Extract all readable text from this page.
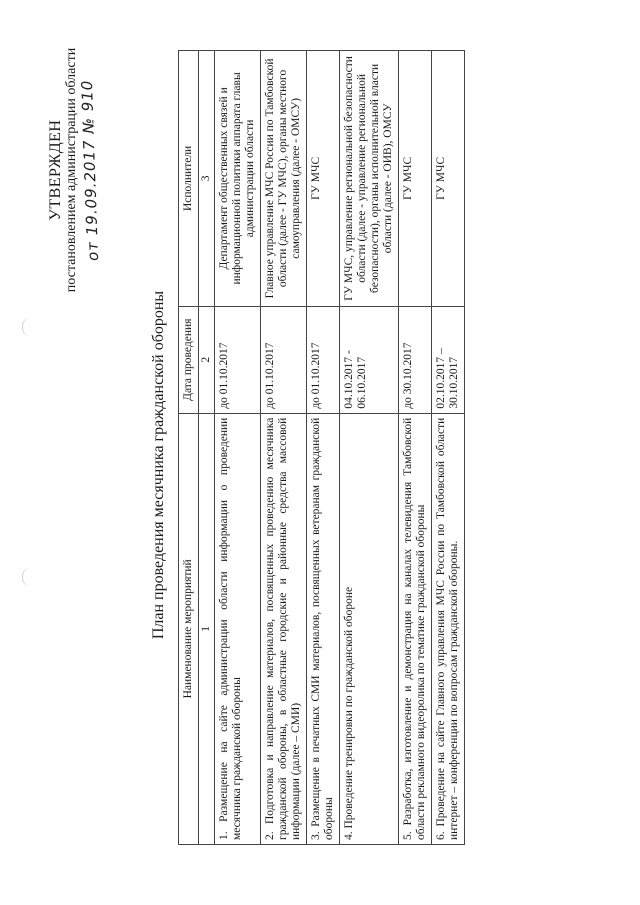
УТВЕРЖДЕН постановлением администрации области
от 19.09.2017 № 910
План проведения месячника гражданской обороны Наименование мероприятий	Дата проведения	Исполнители
1	2	3
1. Размещение на сайте администрации области информации о проведении месячника гражданской обороны	до 01.10.2017	Департамент общественных связей и информационной политики аппарата главы администрации области
2. Подготовка и направление материалов, посвященных проведению месячника гражданской обороны, в областные городские и районные средства массовой информации (далее – СМИ)	до 01.10.2017	Главное управление МЧС России по Тамбовской области (далее - ГУ МЧС), органы местного самоуправления (далее - ОМСУ)
3. Размещение в печатных СМИ материалов, посвященных ветеранам гражданской обороны	до 01.10.2017	ГУ МЧС
4. Проведение тренировки по гражданской обороне	04.10.2017 - 06.10.2017	ГУ МЧС, управление региональной безопасности области (далее - управление региональной безопасности), органы исполнительной власти области (далее - ОИВ), ОМСУ
5. Разработка, изготовление и демонстрация на каналах телевидения Тамбовской области рекламного видеоролика по тематике гражданской обороны	до 30.10.2017	ГУ МЧС
6. Проведение на сайте Главного управления МЧС России по Тамбовской области интернет – конференции по вопросам гражданской обороны.	02.10.2017 – 30.10.2017	ГУ МЧС
